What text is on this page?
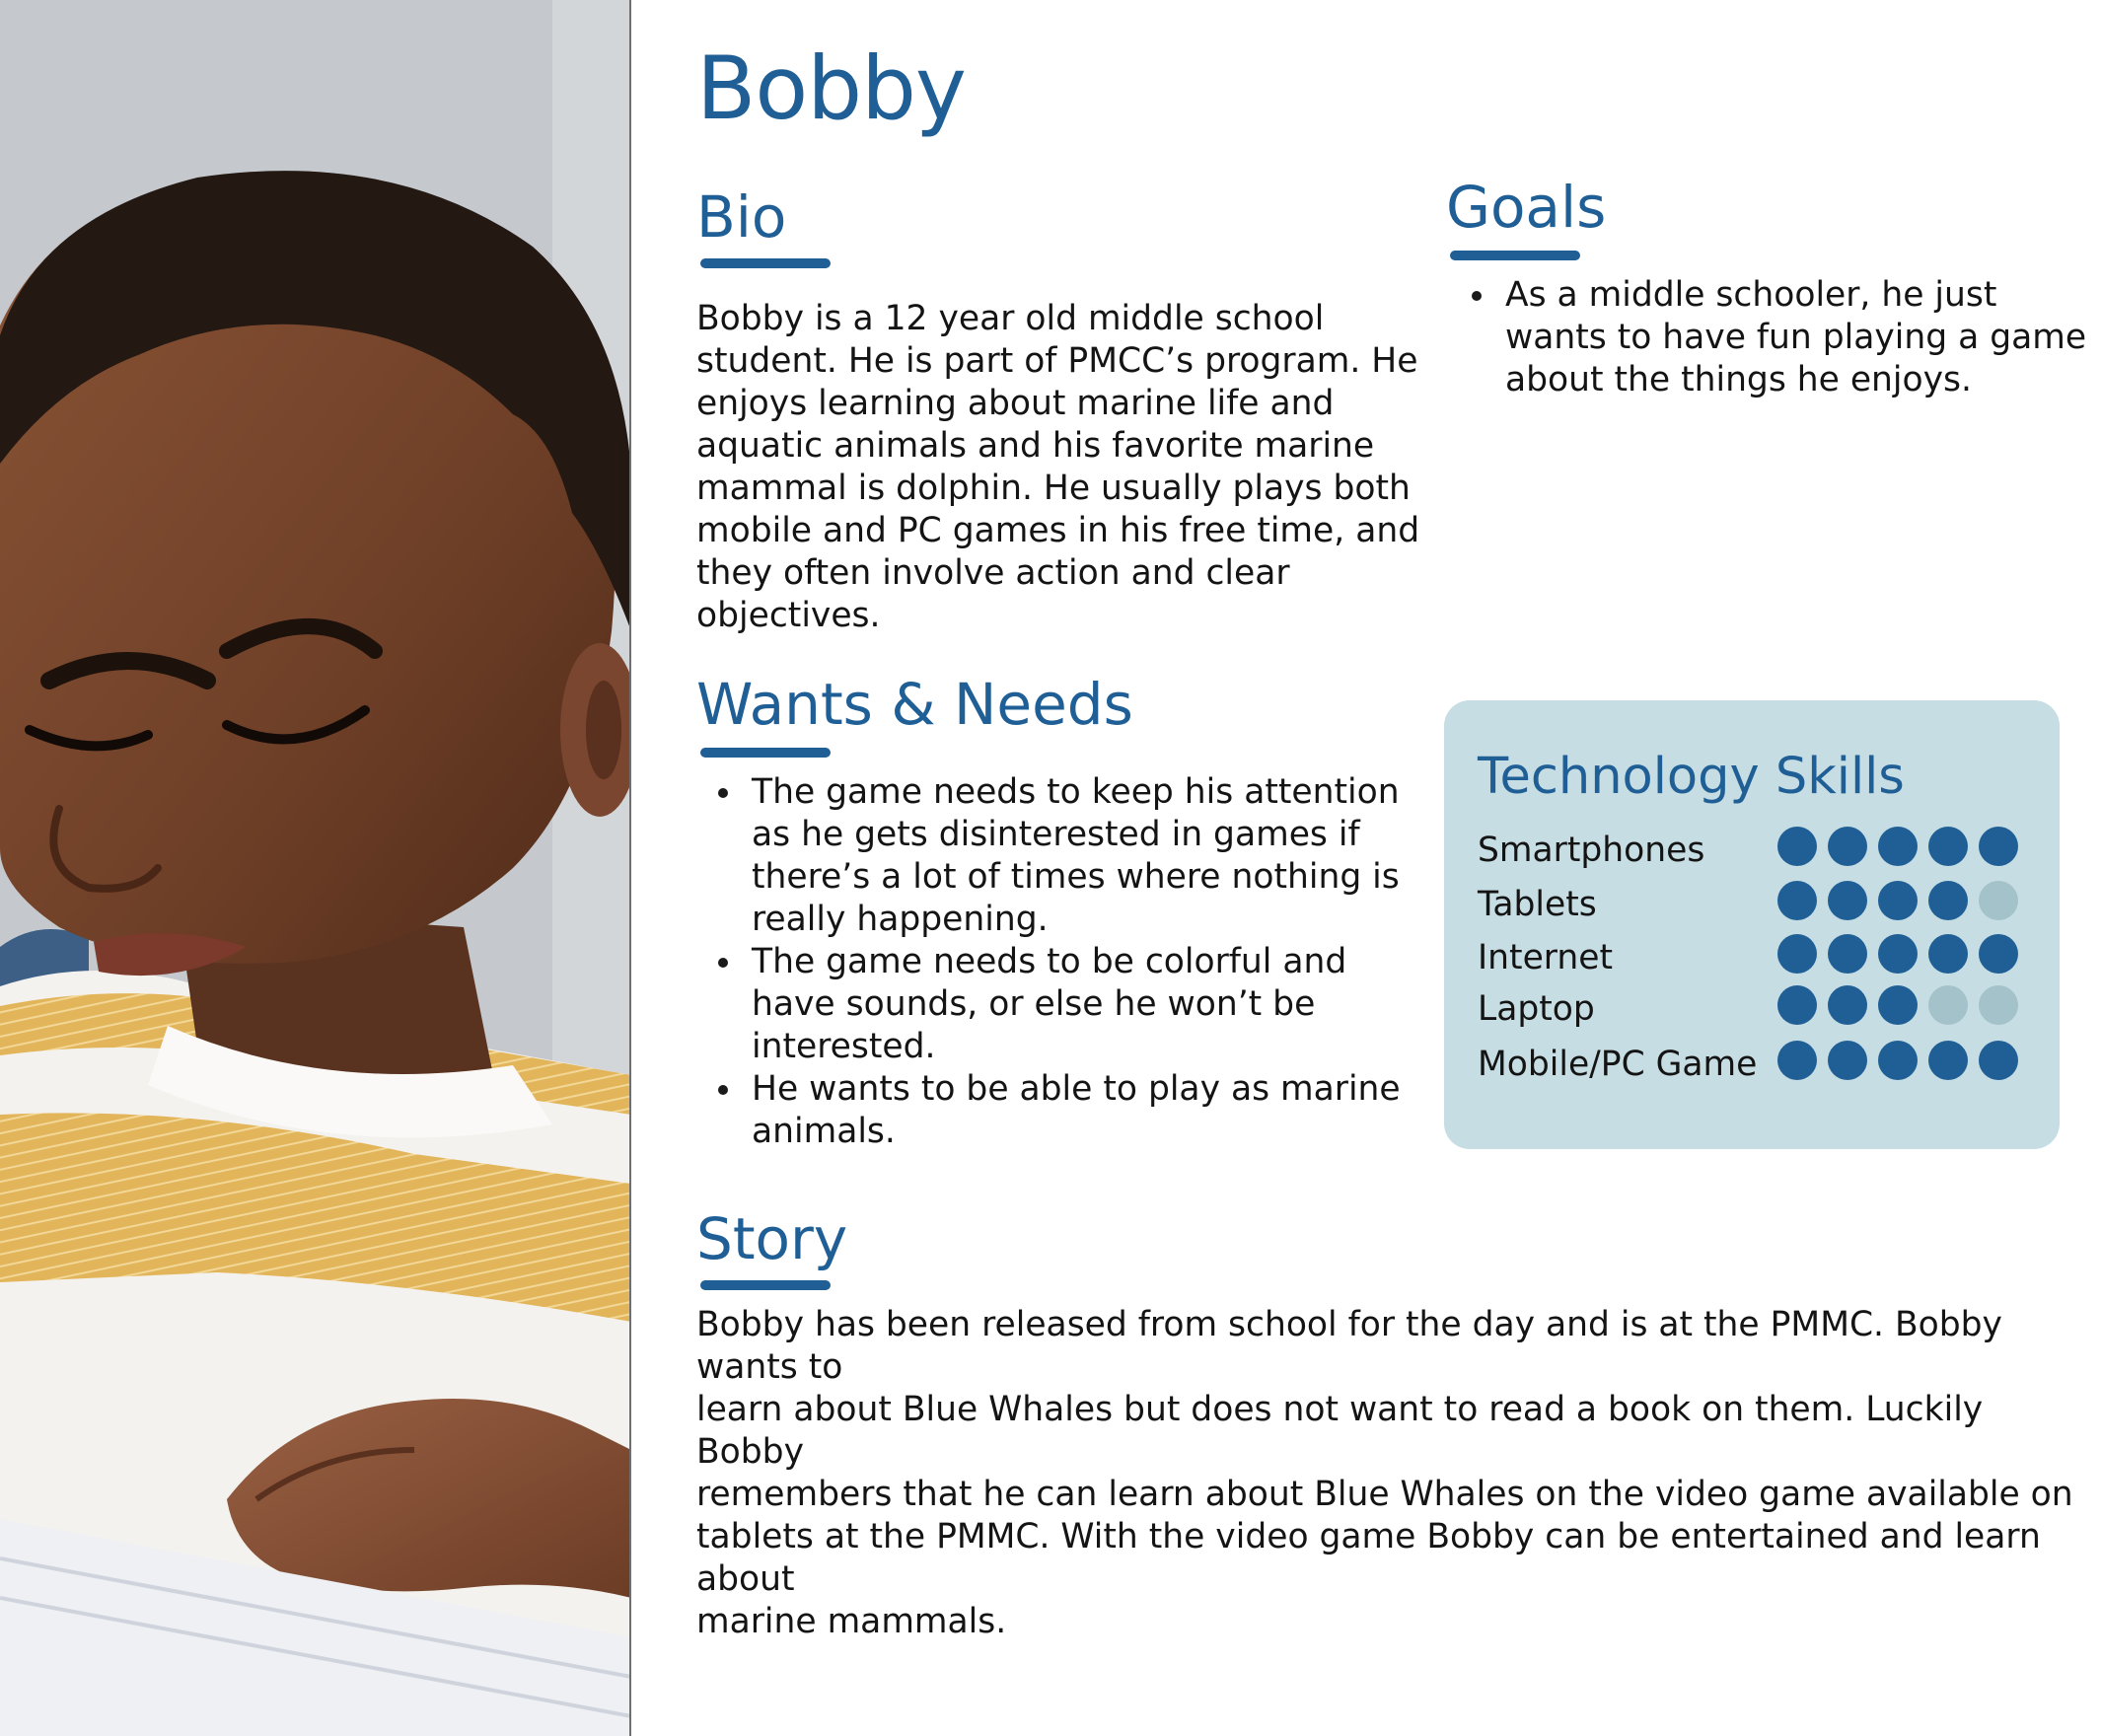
Bobby
Bio
Bobby is a 12 year old middle school
student. He is part of PMCC’s program. He
enjoys learning about marine life and
aquatic animals and his favorite marine
mammal is dolphin. He usually plays both
mobile and PC games in his free time, and
they often involve action and clear
objectives.
Goals
As a middle schooler, he just
wants to have fun playing a game
about the things he enjoys.
Wants & Needs
The game needs to keep his attention
as he gets disinterested in games if
there’s a lot of times where nothing is
really happening.
The game needs to be colorful and
have sounds, or else he won’t be
interested.
He wants to be able to play as marine
animals.
Technology Skills
Smartphones
Tablets
Internet
Laptop
Mobile/PC Game
Story
Bobby has been released from school for the day and is at the PMMC. Bobby wants to
learn about Blue Whales but does not want to read a book on them. Luckily Bobby
remembers that he can learn about Blue Whales on the video game available on
tablets at the PMMC. With the video game Bobby can be entertained and learn about
marine mammals.
